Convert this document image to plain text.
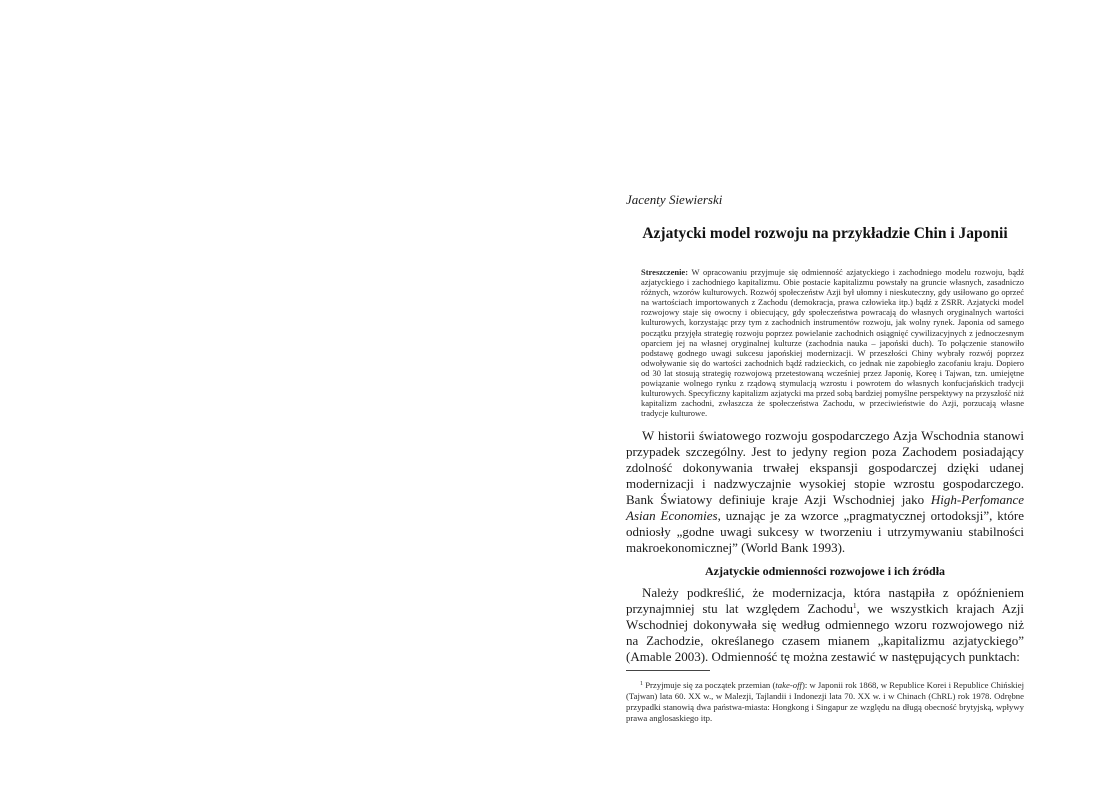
Jacenty Siewierski
Azjatycki model rozwoju na przykładzie Chin i Japonii

Streszczenie: W opracowaniu przyjmuje się odmienność azjatyckiego i zachodniego modelu rozwoju, bądź azjatyckiego i zachodniego kapitalizmu. Obie postacie kapitalizmu powstały na gruncie własnych, zasadniczo różnych, wzorów kulturowych. Rozwój społeczeństw Azji był ułomny i nieskuteczny, gdy usiłowano go oprzeć na wartościach importowanych z Zachodu (demokracja, prawa człowieka itp.) bądź z ZSRR. Azjatycki model rozwojowy staje się owocny i obiecujący, gdy społeczeństwa powracają do własnych oryginalnych wartości kulturowych, korzystając przy tym z zachodnich instrumentów rozwoju, jak wolny rynek. Japonia od samego początku przyjęła strategię rozwoju poprzez powielanie zachodnich osiągnięć cywilizacyjnych z jednoczesnym oparciem jej na własnej oryginalnej kulturze (zachodnia nauka – japoński duch). To połączenie stanowiło podstawę godnego uwagi sukcesu japońskiej modernizacji. W przeszłości Chiny wybrały rozwój poprzez odwoływanie się do wartości zachodnich bądź radzieckich, co jednak nie zapobiegło zacofaniu kraju. Dopiero od 30 lat stosują strategię rozwojową przetestowaną wcześniej przez Japonię, Koreę i Tajwan, tzn. umiejętne powiązanie wolnego rynku z rządową stymulacją wzrostu i powrotem do własnych konfucjańskich tradycji kulturowych. Specyficzny kapitalizm azjatycki ma przed sobą bardziej pomyślne perspektywy na przyszłość niż kapitalizm zachodni, zwłaszcza że społeczeństwa Zachodu, w przeciwieństwie do Azji, porzucają własne tradycje kulturowe.

W historii światowego rozwoju gospodarczego Azja Wschodnia stanowi przypadek szczególny. Jest to jedyny region poza Zachodem posiadający zdolność dokonywania trwałej ekspansji gospodarczej dzięki udanej modernizacji i nadzwyczajnie wysokiej stopie wzrostu gospodarczego. Bank Światowy definiuje kraje Azji Wschodniej jako High-Perfomance Asian Economies, uznając je za wzorce „pragmatycznej ortodoksji”, które odniosły „godne uwagi sukcesy w tworzeniu i utrzymywaniu stabilności makroekonomicznej” (World Bank 1993).

Azjatyckie odmienności rozwojowe i ich źródła

Należy podkreślić, że modernizacja, która nastąpiła z opóźnieniem przynajmniej stu lat względem Zachodu$^1$, we wszystkich krajach Azji Wschodniej dokonywała się według odmiennego wzoru rozwojowego niż na Zachodzie, określanego czasem mianem „kapitalizmu azjatyckiego” (Amable 2003). Odmienność tę można zestawić w następujących punktach:

$^1$ Przyjmuje się za początek przemian (take-off): w Japonii rok 1868, w Republice Korei i Republice Chińskiej (Tajwan) lata 60. XX w., w Malezji, Tajlandii i Indonezji lata 70. XX w. i w Chinach (ChRL) rok 1978. Odrębne przypadki stanowią dwa państwa-miasta: Hongkong i Singapur ze względu na długą obecność brytyjską, wpływy prawa anglosaskiego itp.
